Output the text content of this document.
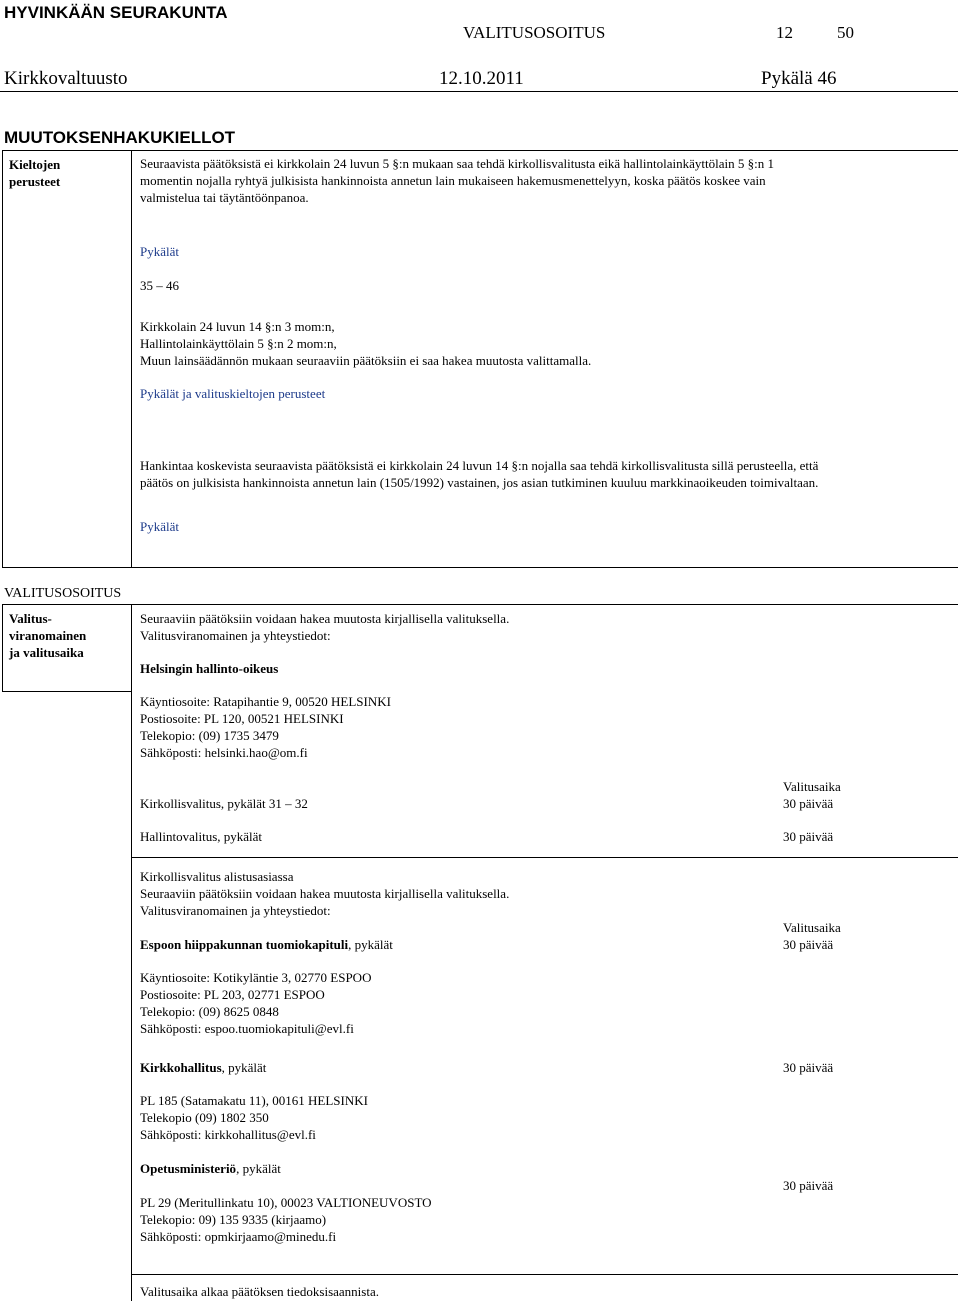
HYVINKÄÄN SEURAKUNTA
VALITUSOSOITUS	12	50
Kirkkovaltuusto	12.10.2011	Pykälä 46
MUUTOKSENHAKUKIELLOT
Kieltojen
perusteet
Seuraavista päätöksistä ei kirkkolain 24 luvun 5 §:n mukaan saa tehdä kirkollisvalitusta eikä hallintolainkäyttölain 5 §:n 1
momentin nojalla ryhtyä julkisista hankinnoista annetun lain mukaiseen hakemusmenettelyyn, koska päätös koskee vain
valmistelua tai täytäntöönpanoa.
Pykälät
35 – 46
Kirkkolain 24 luvun 14 §:n 3 mom:n,
Hallintolainkäyttölain 5 §:n 2 mom:n,
Muun lainsäädännön mukaan seuraaviin päätöksiin ei saa hakea muutosta valittamalla.
Pykälät ja valituskieltojen perusteet
Hankintaa koskevista seuraavista päätöksistä ei kirkkolain 24 luvun 14 §:n nojalla saa tehdä kirkollisvalitusta sillä perusteella, että
päätös on julkisista hankinnoista annetun lain (1505/1992) vastainen, jos asian tutkiminen kuuluu markkinaoikeuden toimivaltaan.
Pykälät
VALITUSOSOITUS
Valitus-
viranomainen
ja valitusaika
Seuraaviin päätöksiin voidaan hakea muutosta kirjallisella valituksella.
Valitusviranomainen ja yhteystiedot:
Helsingin hallinto-oikeus
Käyntiosoite: Ratapihantie 9, 00520 HELSINKI
Postiosoite: PL 120, 00521 HELSINKI
Telekopio: (09) 1735 3479
Sähköposti: helsinki.hao@om.fi
Valitusaika
Kirkollisvalitus, pykälät 31 – 32	30 päivää
Hallintovalitus, pykälät	30 päivää
Kirkollisvalitus alistusasiassa
Seuraaviin päätöksiin voidaan hakea muutosta kirjallisella valituksella.
Valitusviranomainen ja yhteystiedot:
Valitusaika
Espoon hiippakunnan tuomiokapituli, pykälät	30 päivää
Käyntiosoite: Kotikyläntie 3, 02770 ESPOO
Postiosoite: PL 203, 02771 ESPOO
Telekopio: (09) 8625 0848
Sähköposti: espoo.tuomiokapituli@evl.fi
Kirkkohallitus, pykälät	30 päivää
PL 185 (Satamakatu 11), 00161 HELSINKI
Telekopio (09) 1802 350
Sähköposti: kirkkohallitus@evl.fi
Opetusministeriö, pykälät
30 päivää
PL 29 (Meritullinkatu 10), 00023 VALTIONEUVOSTO
Telekopio: 09) 135 9335 (kirjaamo)
Sähköposti: opmkirjaamo@minedu.fi
Valitusaika alkaa päätöksen tiedoksisaannista.
